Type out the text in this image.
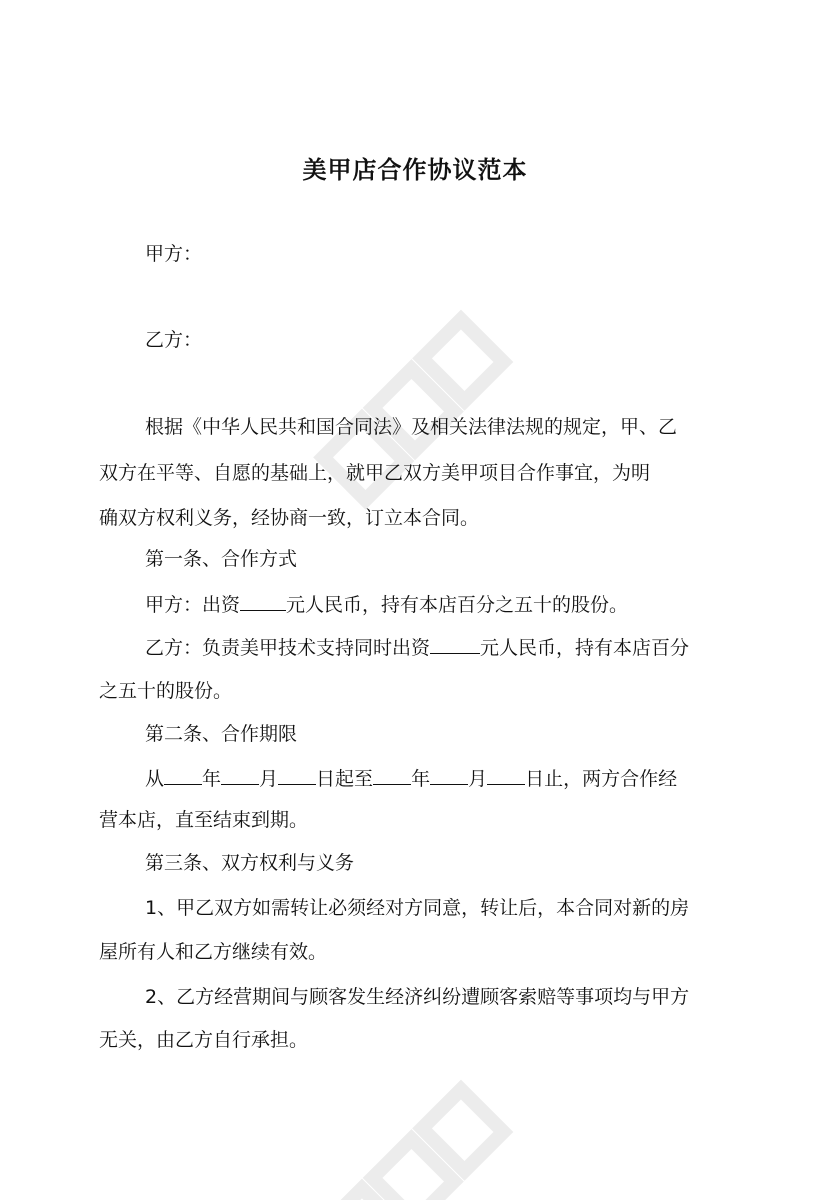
美甲店合作协议范本
甲方：
乙方：
根据《中华人民共和国合同法》及相关法律法规的规定，甲、乙
双方在平等、自愿的基础上，就甲乙双方美甲项目合作事宜，为明
确双方权利义务，经协商一致，订立本合同。
第一条、合作方式
甲方：出资 元人民币，持有本店百分之五十的股份。
乙方：负责美甲技术支持同时出资	元人民币，持有本店百分
之五十的股份。
第二条、合作期限
从 年 月 日起至 年 月 日止，两方合作经
营本店，直至结束到期。
第三条、双方权利与义务
1、甲乙双方如需转让必须经对方同意，转让后，本合同对新的房
屋所有人和乙方继续有效。
2、乙方经营期间与顾客发生经济纠纷遭顾客索赔等事项均与甲方
无关，由乙方自行承担。
